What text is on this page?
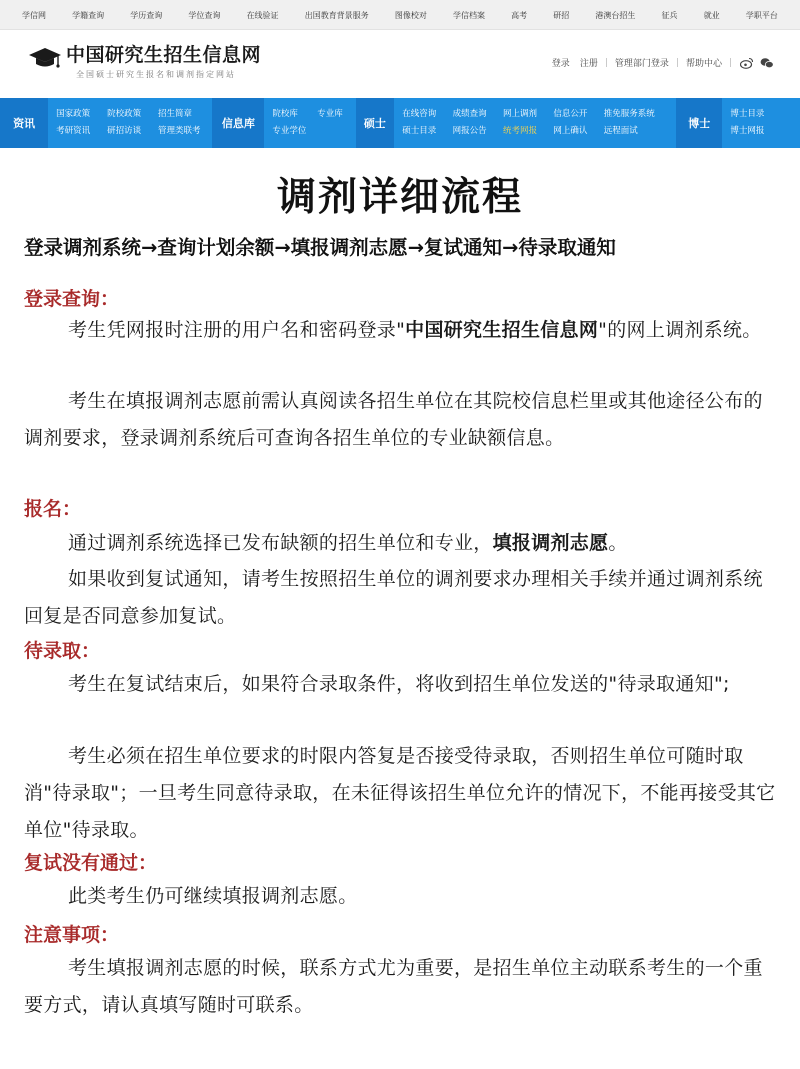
学信网	学籍查询	学历查询	学位查询	在线验证	出国教育背景服务	图像校对	学信档案	高考	研招	港澳台招生	征兵	就业	学职平台
中国研究生招生信息网
全国硕士研究生报名和调剂指定网站
登录 注册 | 管理部门登录 | 帮助中心 |
资讯
国家政策	院校政策	招生简章
考研资讯	研招访谈	管理类联考
信息库
院校库	专业库
专业学位
硕士
在线咨询	成绩查询	网上调剂	信息公开	推免服务系统
硕士目录	网报公告	统考网报	网上确认	远程面试
博士
博士目录
博士网报
调剂详细流程
登录调剂系统→查询计划余额→填报调剂志愿→复试通知→待录取通知
登录查询：
考生凭网报时注册的用户名和密码登录"中国研究生招生信息网"的网上调剂系统。
考生在填报调剂志愿前需认真阅读各招生单位在其院校信息栏里或其他途径公布的调剂要求，登录调剂系统后可查询各招生单位的专业缺额信息。
报名：
通过调剂系统选择已发布缺额的招生单位和专业，填报调剂志愿。
如果收到复试通知，请考生按照招生单位的调剂要求办理相关手续并通过调剂系统回复是否同意参加复试。
待录取：
考生在复试结束后，如果符合录取条件，将收到招生单位发送的"待录取通知";
考生必须在招生单位要求的时限内答复是否接受待录取，否则招生单位可随时取消"待录取"；一旦考生同意待录取，在未征得该招生单位允许的情况下，不能再接受其它单位"待录取。
复试没有通过：
此类考生仍可继续填报调剂志愿。
注意事项：
考生填报调剂志愿的时候，联系方式尤为重要，是招生单位主动联系考生的一个重要方式，请认真填写随时可联系。
